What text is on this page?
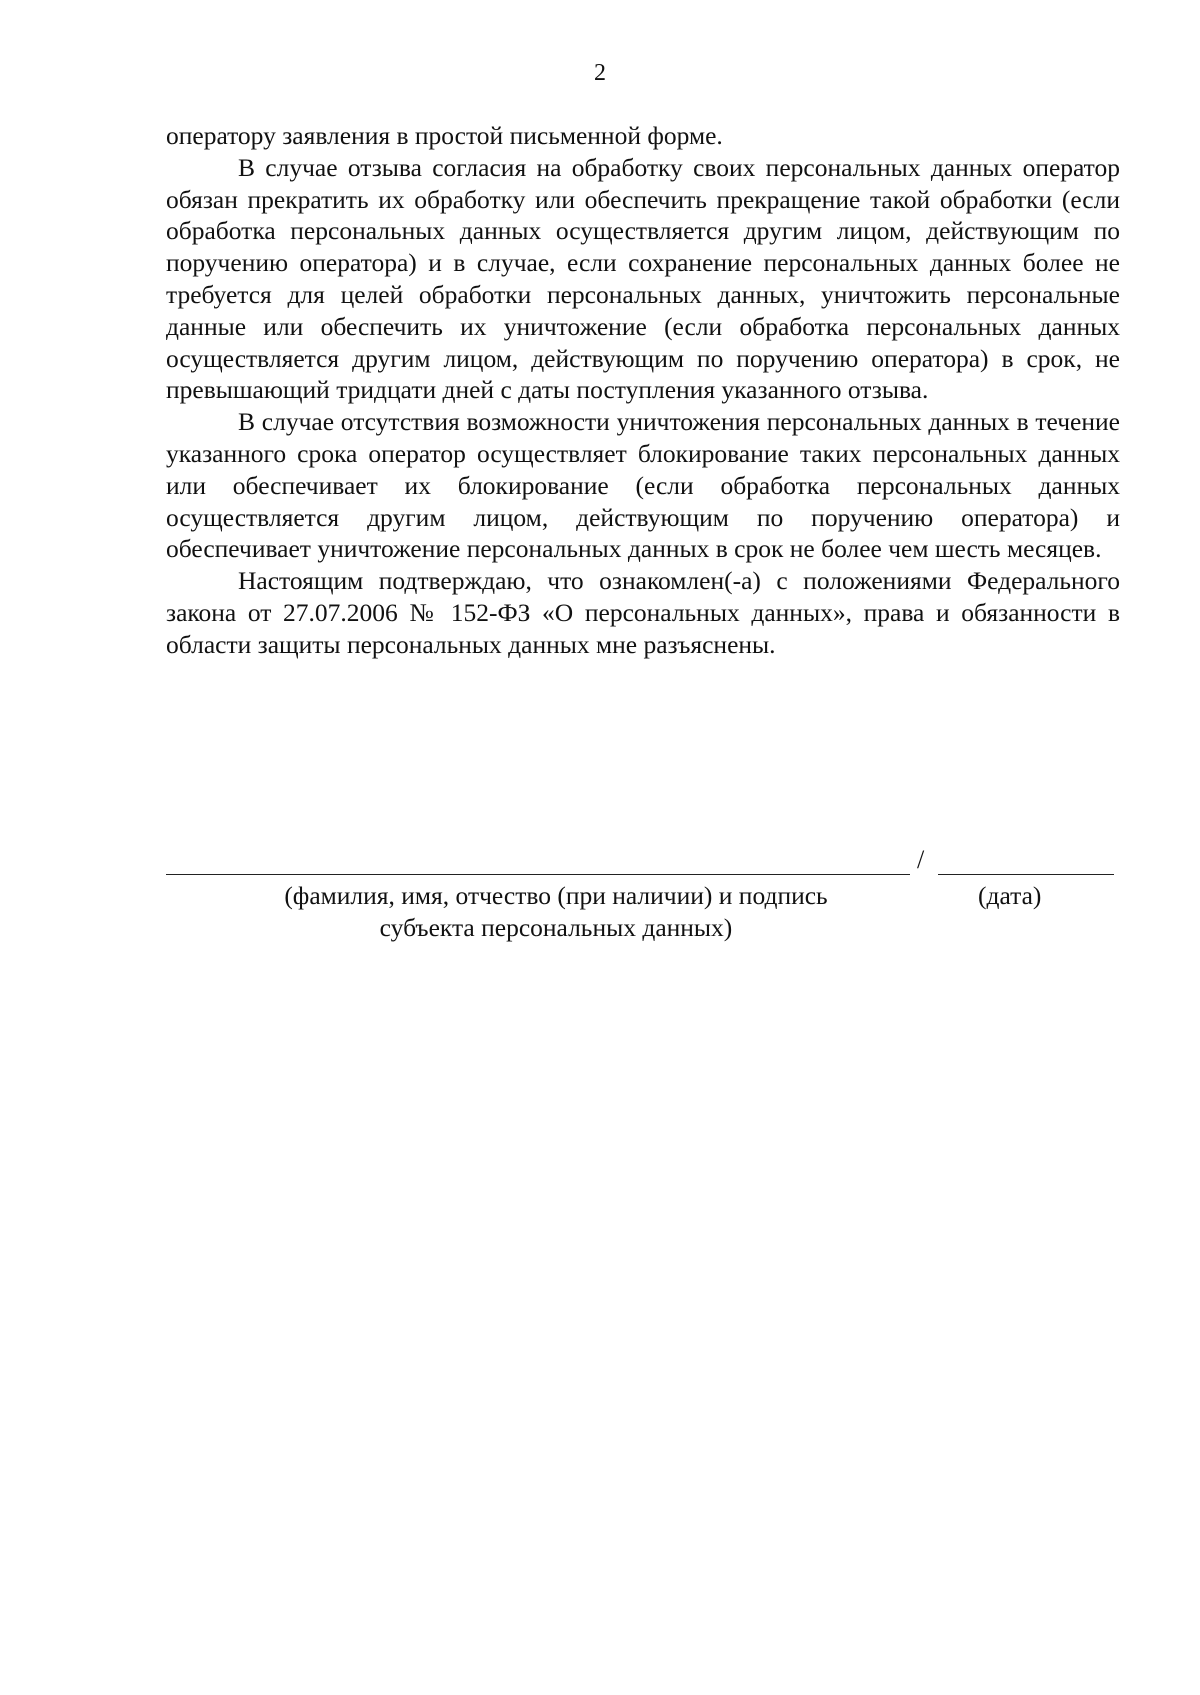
2

оператору заявления в простой письменной форме.

В случае отзыва согласия на обработку своих персональных данных оператор обязан прекратить их обработку или обеспечить прекращение такой обработки (если обработка персональных данных осуществляется другим лицом, действующим по поручению оператора) и в случае, если сохранение персональных данных более не требуется для целей обработки персональных данных, уничтожить персональные данные или обеспечить их уничтожение (если обработка персональных данных осуществляется другим лицом, действующим по поручению оператора) в срок, не превышающий тридцати дней с даты поступления указанного отзыва.

В случае отсутствия возможности уничтожения персональных данных в течение указанного срока оператор осуществляет блокирование таких персональных данных или обеспечивает их блокирование (если обработка персональных данных осуществляется другим лицом, действующим по поручению оператора) и обеспечивает уничтожение персональных данных в срок не более чем шесть месяцев.

Настоящим подтверждаю, что ознакомлен(-а) с положениями Федерального закона от 27.07.2006 № 152-ФЗ «О персональных данных», права и обязанности в области защиты персональных данных мне разъяснены.

/
(фамилия, имя, отчество (при наличии) и подпись
субъекта персональных данных)
(дата)
